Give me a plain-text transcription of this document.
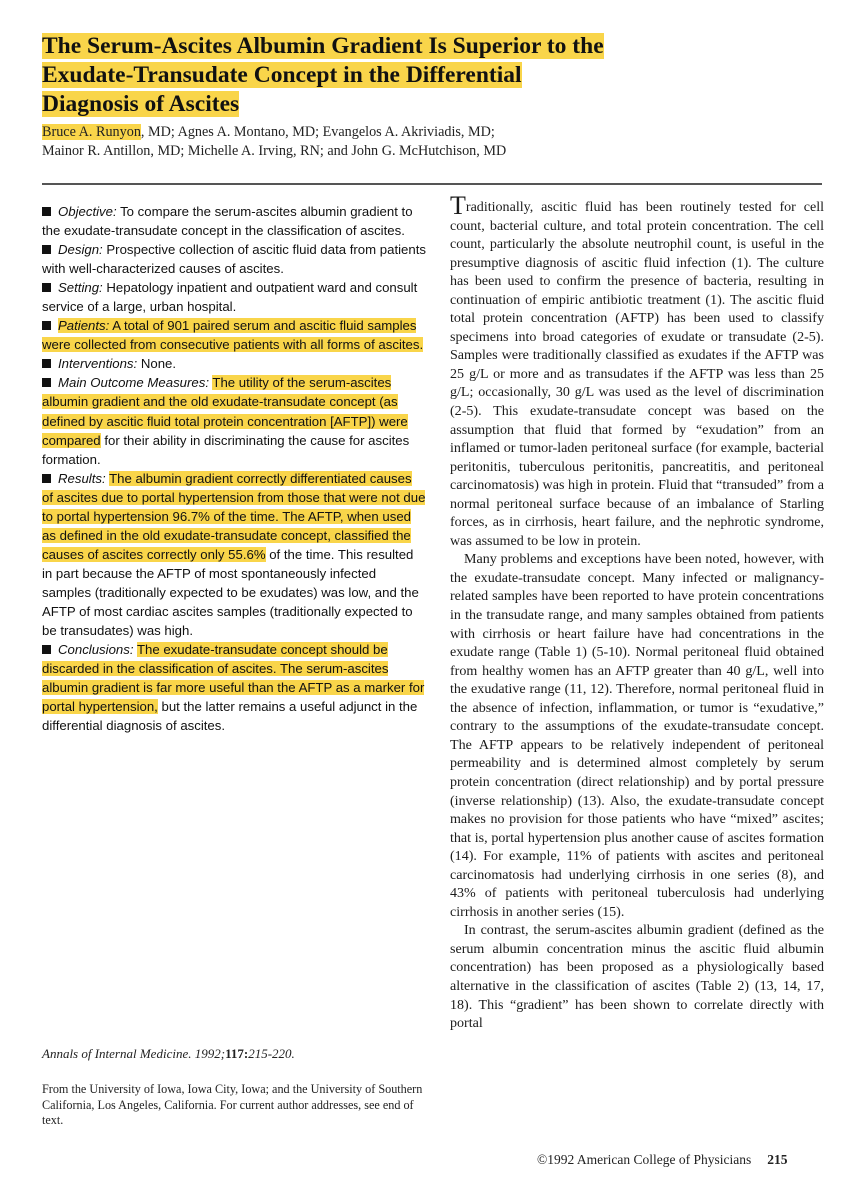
The Serum-Ascites Albumin Gradient Is Superior to the
Exudate-Transudate Concept in the Differential
Diagnosis of Ascites
Bruce A. Runyon, MD; Agnes A. Montano, MD; Evangelos A. Akriviadis, MD;
Mainor R. Antillon, MD; Michelle A. Irving, RN; and John G. McHutchison, MD

Objective: To compare the serum-ascites albumin gradient to the exudate-transudate concept in the classification of ascites.

Design: Prospective collection of ascitic fluid data from patients with well-characterized causes of ascites.

Setting: Hepatology inpatient and outpatient ward and consult service of a large, urban hospital.

Patients: A total of 901 paired serum and ascitic fluid samples were collected from consecutive patients with all forms of ascites.

Interventions: None.

Main Outcome Measures: The utility of the serum-ascites albumin gradient and the old exudate-transudate concept (as defined by ascitic fluid total protein concentration [AFTP]) were compared for their ability in discriminating the cause for ascites formation.

Results: The albumin gradient correctly differentiated causes of ascites due to portal hypertension from those that were not due to portal hypertension 96.7% of the time. The AFTP, when used as defined in the old exudate-transudate concept, classified the causes of ascites correctly only 55.6% of the time. This resulted in part because the AFTP of most spontaneously infected samples (traditionally expected to be exudates) was low, and the AFTP of most cardiac ascites samples (traditionally expected to be transudates) was high.

Conclusions: The exudate-transudate concept should be discarded in the classification of ascites. The serum-ascites albumin gradient is far more useful than the AFTP as a marker for portal hypertension, but the latter remains a useful adjunct in the differential diagnosis of ascites.

Annals of Internal Medicine. 1992;117:215-220.
From the University of Iowa, Iowa City, Iowa; and the University of Southern California, Los Angeles, California. For current author addresses, see end of text.

Traditionally, ascitic fluid has been routinely tested for cell count, bacterial culture, and total protein concentration. The cell count, particularly the absolute neutrophil count, is useful in the presumptive diagnosis of ascitic fluid infection (1). The culture has been used to confirm the presence of bacteria, resulting in continuation of empiric antibiotic treatment (1). The ascitic fluid total protein concentration (AFTP) has been used to classify specimens into broad categories of exudate or transudate (2-5). Samples were traditionally classified as exudates if the AFTP was 25 g/L or more and as transudates if the AFTP was less than 25 g/L; occasionally, 30 g/L was used as the level of discrimination (2-5). This exudate-transudate concept was based on the assumption that fluid that formed by “exudation” from an inflamed or tumor-laden peritoneal surface (for example, bacterial peritonitis, tuberculous peritonitis, pancreatitis, and peritoneal carcinomatosis) was high in protein. Fluid that “transuded” from a normal peritoneal surface because of an imbalance of Starling forces, as in cirrhosis, heart failure, and the nephrotic syndrome, was assumed to be low in protein.

Many problems and exceptions have been noted, however, with the exudate-transudate concept. Many infected or malignancy-related samples have been reported to have protein concentrations in the transudate range, and many samples obtained from patients with cirrhosis or heart failure have had concentrations in the exudate range (Table 1) (5-10). Normal peritoneal fluid obtained from healthy women has an AFTP greater than 40 g/L, well into the exudative range (11, 12). Therefore, normal peritoneal fluid in the absence of infection, inflammation, or tumor is “exudative,” contrary to the assumptions of the exudate-transudate concept. The AFTP appears to be relatively independent of peritoneal permeability and is determined almost completely by serum protein concentration (direct relationship) and by portal pressure (inverse relationship) (13). Also, the exudate-transudate concept makes no provision for those patients who have “mixed” ascites; that is, portal hypertension plus another cause of ascites formation (14). For example, 11% of patients with ascites and peritoneal carcinomatosis had underlying cirrhosis in one series (8), and 43% of patients with peritoneal tuberculosis had underlying cirrhosis in another series (15).

In contrast, the serum-ascites albumin gradient (defined as the serum albumin concentration minus the ascitic fluid albumin concentration) has been proposed as a physiologically based alternative in the classification of ascites (Table 2) (13, 14, 17, 18). This “gradient” has been shown to correlate directly with portal

©1992 American College of Physicians 215
